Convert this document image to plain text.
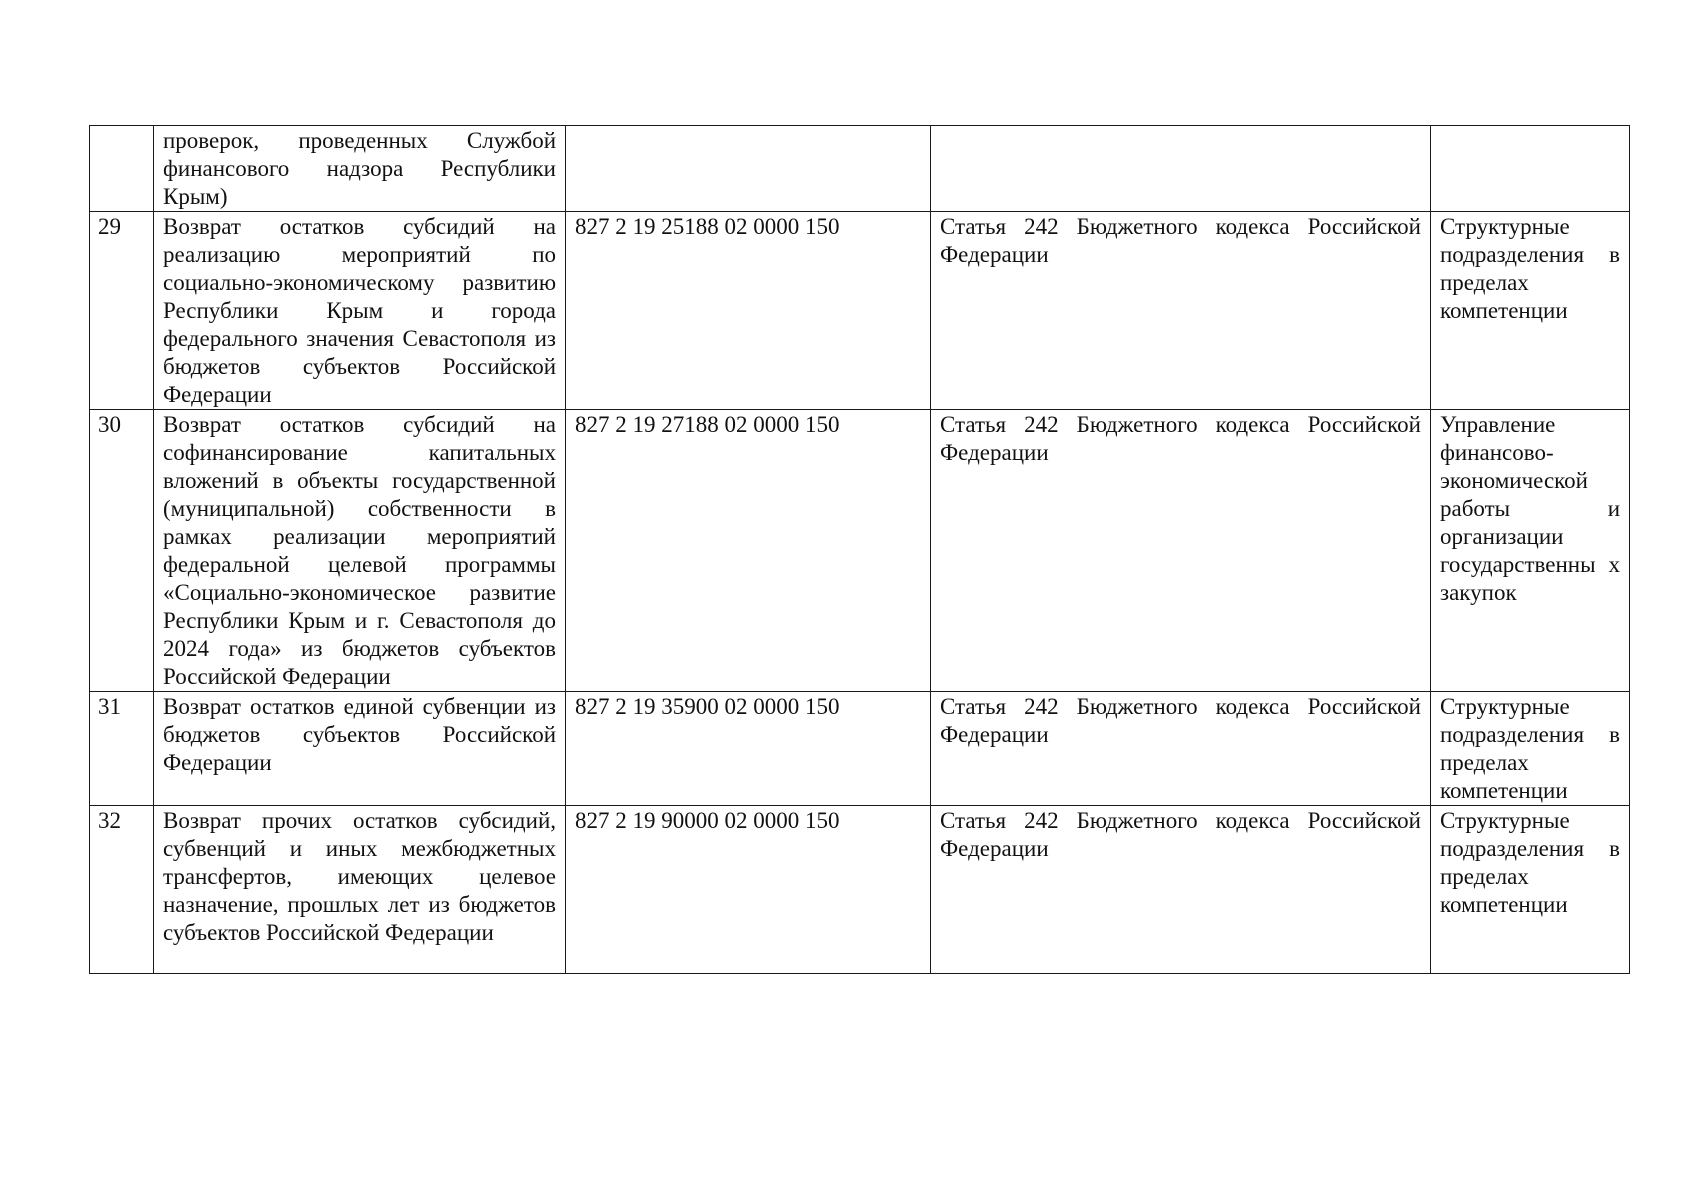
	проверок, проведенных Службой финансового надзора Республики Крым)			
29	Возврат остатков субсидий на реализацию мероприятий по социально-экономическому развитию Республики Крым и города федерального значения Севастополя из бюджетов субъектов Российской Федерации	827 2 19 25188 02 0000 150	Статья 242 Бюджетного кодекса Российской Федерации	Структурные подразделения в пределах компетенции
30	Возврат остатков субсидий на софинансирование капитальных вложений в объекты государственной (муниципальной) собственности в рамках реализации мероприятий федеральной целевой программы «Социально-экономическое развитие Республики Крым и г. Севастополя до 2024 года» из бюджетов субъектов Российской Федерации	827 2 19 27188 02 0000 150	Статья 242 Бюджетного кодекса Российской Федерации	Управление финансово-экономической работы и организации государственны х закупок
31	Возврат остатков единой субвенции из бюджетов субъектов Российской Федерации	827 2 19 35900 02 0000 150	Статья 242 Бюджетного кодекса Российской Федерации	Структурные подразделения в пределах компетенции
32	Возврат прочих остатков субсидий, субвенций и иных межбюджетных трансфертов, имеющих целевое назначение, прошлых лет из бюджетов субъектов Российской Федерации	827 2 19 90000 02 0000 150	Статья 242 Бюджетного кодекса Российской Федерации	Структурные подразделения в пределах компетенции
